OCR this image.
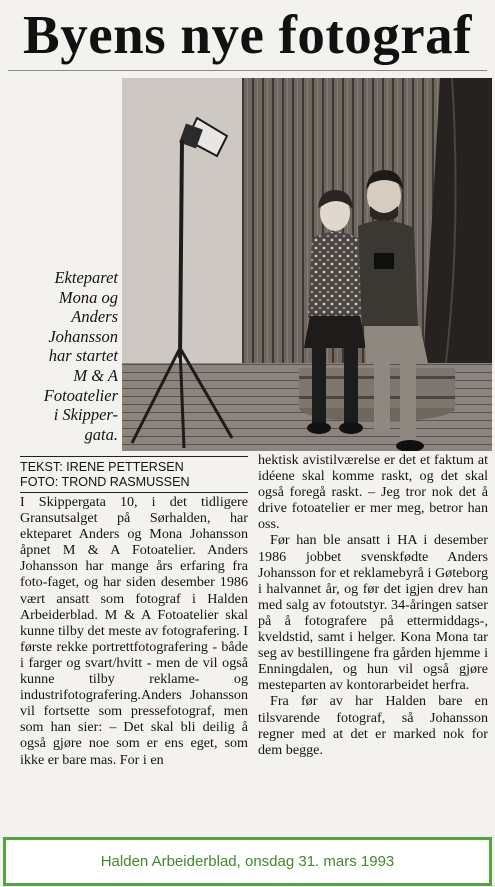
Byens nye fotograf
Ekteparet
Mona og
Anders
Johansson
har startet
M & A
Fotoatelier
i Skipper-
gata.
TEKST: IRENE PETTERSEN
FOTO: TROND RASMUSSEN

I Skippergata 10, i det tidligere Gransutsalget på Sørhalden, har ekteparet Anders og Mona Johansson åpnet M & A Fotoatelier. Anders Johansson har mange års erfaring fra foto-faget, og har siden desember 1986 vært ansatt som fotograf i Halden Arbeiderblad. M & A Fotoatelier skal kunne tilby det meste av fotografering. I første rekke portrettfotografering - både i farger og svart/hvitt - men de vil også kunne tilby reklame- og industrifotografering.Anders Johansson vil fortsette som pressefotograf, men som han sier: – Det skal bli deilig å også gjøre noe som er ens eget, som ikke er bare mas. For i en

hektisk avistilværelse er det et faktum at idéene skal komme raskt, og det skal også foregå raskt. – Jeg tror nok det å drive fotoatelier er mer meg, betror han oss.

Før han ble ansatt i HA i desember 1986 jobbet svenskfødte Anders Johansson for et reklamebyrå i Gøteborg i halvannet år, og før det igjen drev han med salg av fotoutstyr. 34-åringen satser på å fotografere på ettermiddags-, kveldstid, samt i helger. Kona Mona tar seg av bestillingene fra gården hjemme i Enningdalen, og hun vil også gjøre mesteparten av kontorarbeidet herfra.

Fra før av har Halden bare en tilsvarende fotograf, så Johansson regner med at det er marked nok for dem begge.

Halden Arbeiderblad, onsdag 31. mars 1993
